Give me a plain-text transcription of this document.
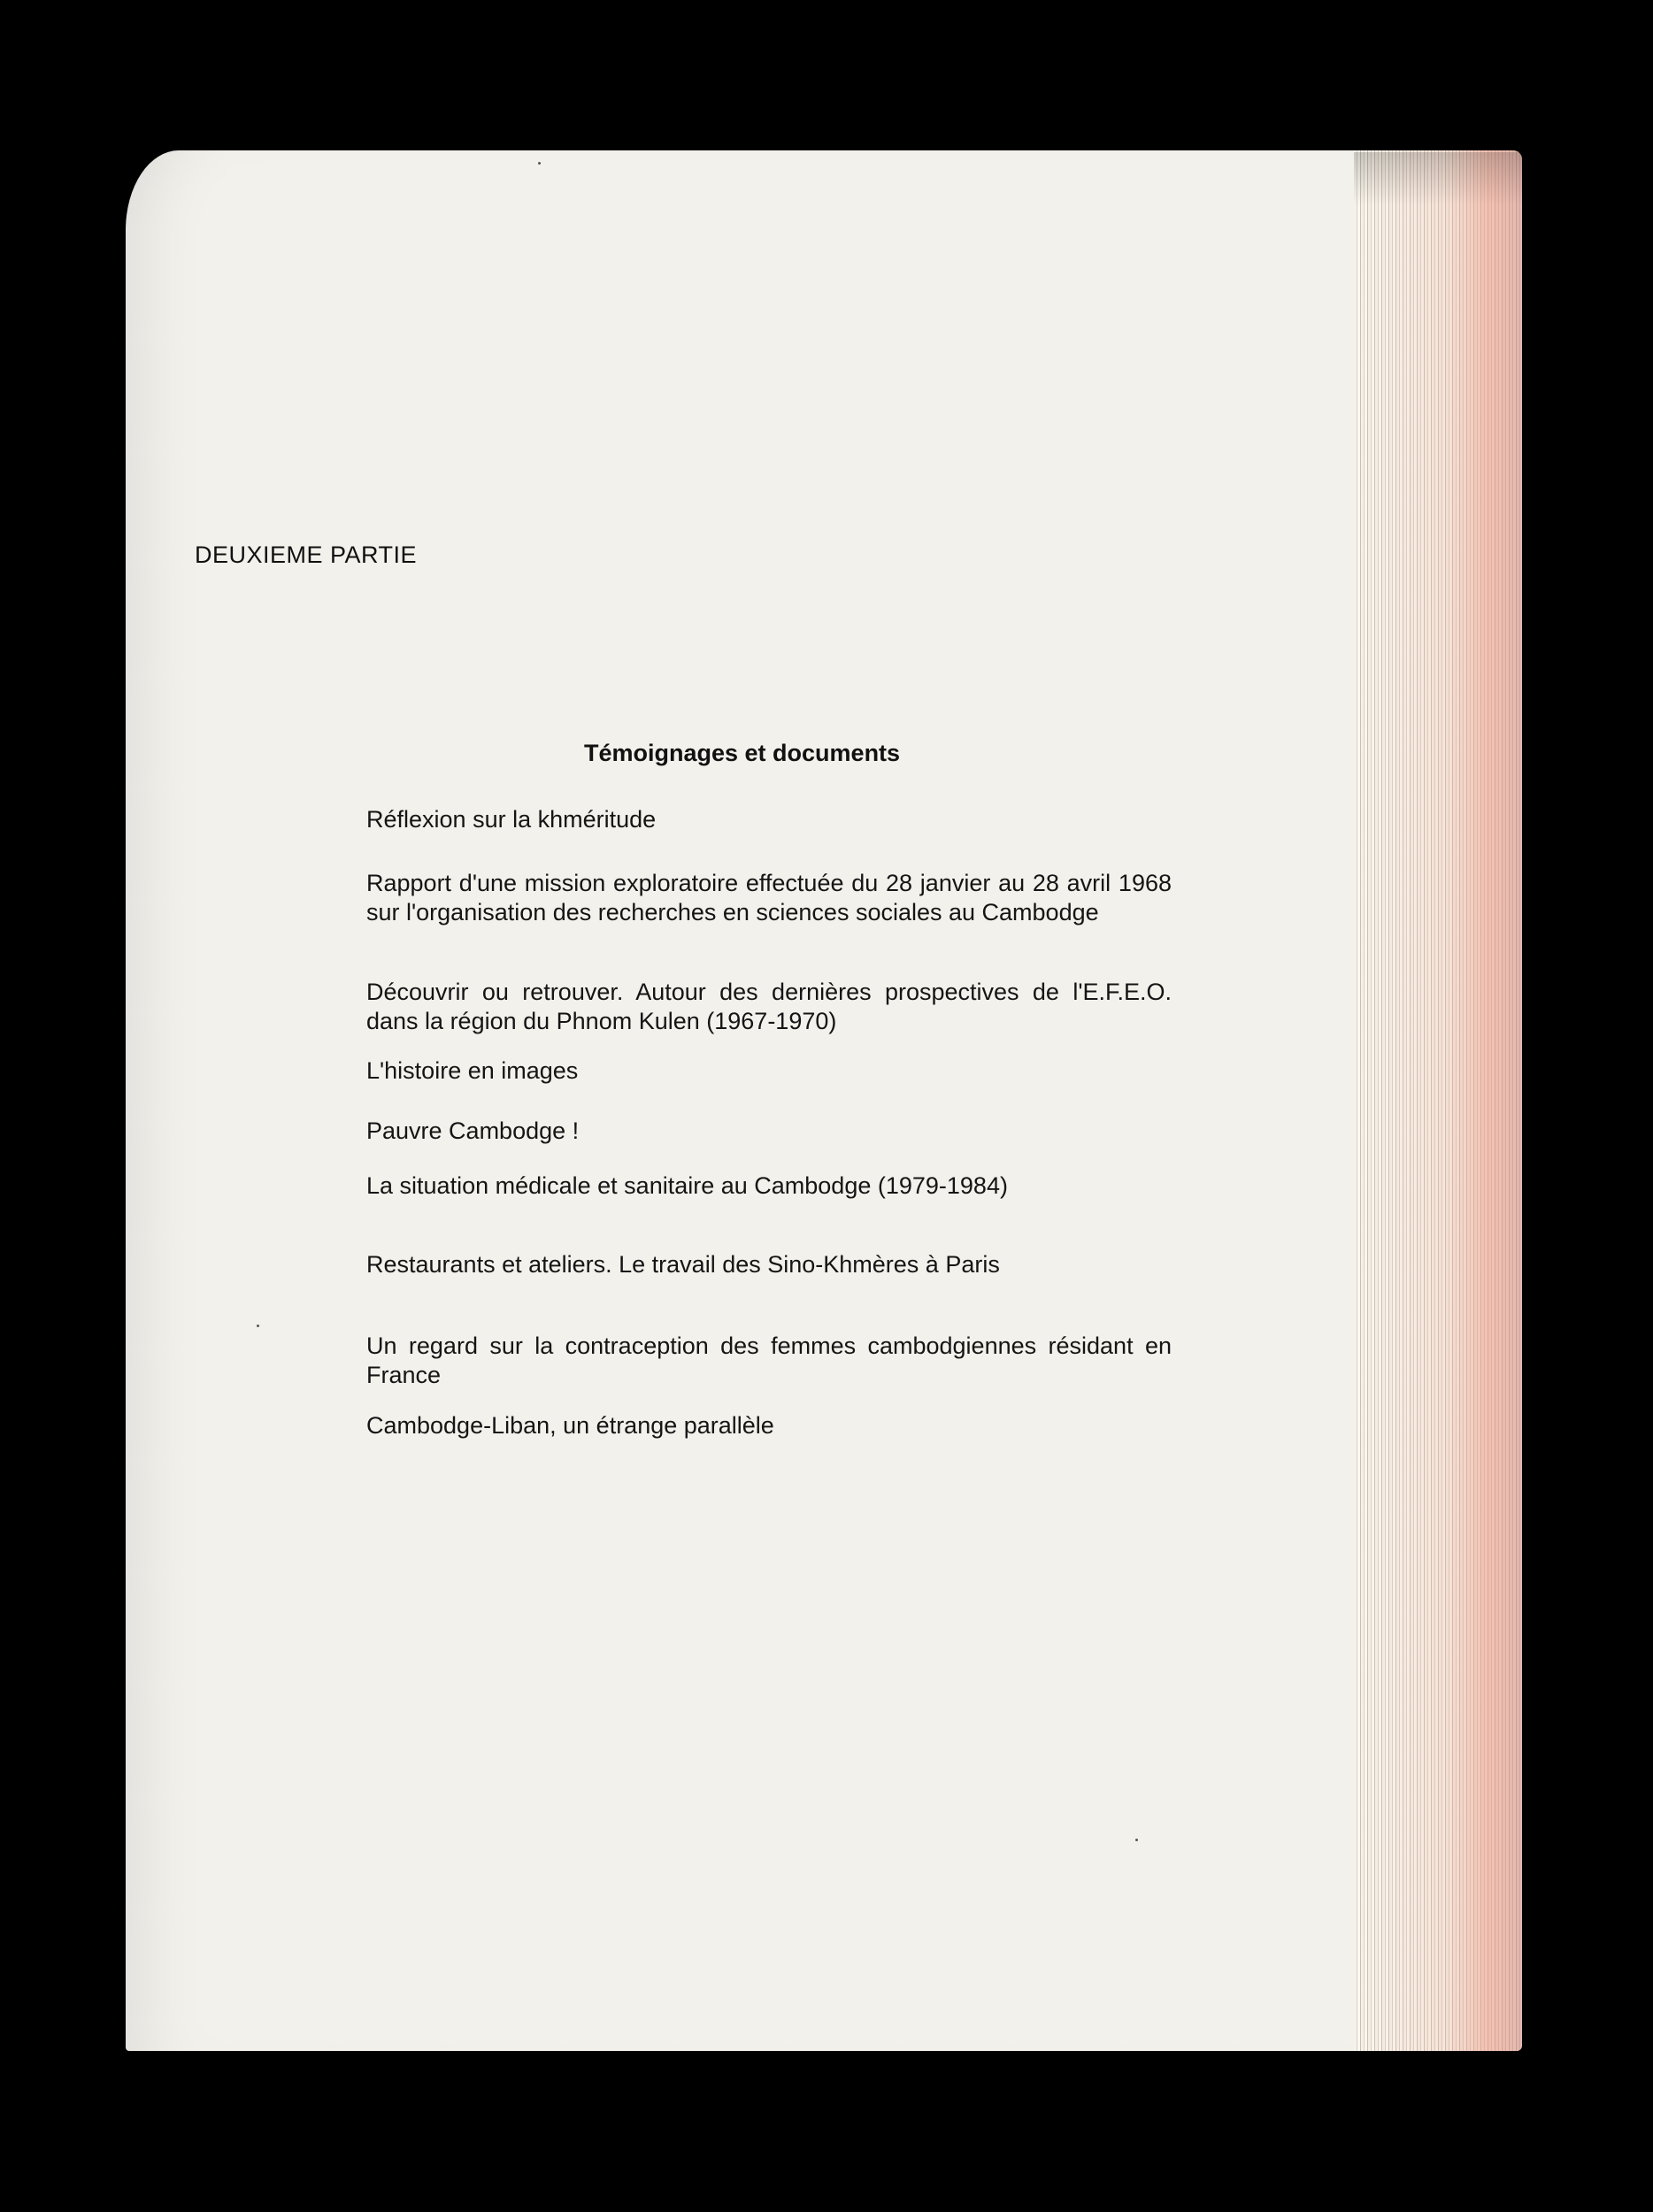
DEUXIEME PARTIE
Témoignages et documents
Réflexion sur la khméritude
Rapport d'une mission exploratoire effectuée du 28 janvier au 28 avril 1968 sur l'organisation des recherches en sciences sociales au Cambodge
Découvrir ou retrouver. Autour des dernières prospectives de l'E.F.E.O. dans la région du Phnom Kulen (1967-1970)
L'histoire en images
Pauvre Cambodge !
La situation médicale et sanitaire au Cambodge (1979-1984)
Restaurants et ateliers. Le travail des Sino-Khmères à Paris
Un regard sur la contraception des femmes cambodgiennes résidant en France
Cambodge-Liban, un étrange parallèle
